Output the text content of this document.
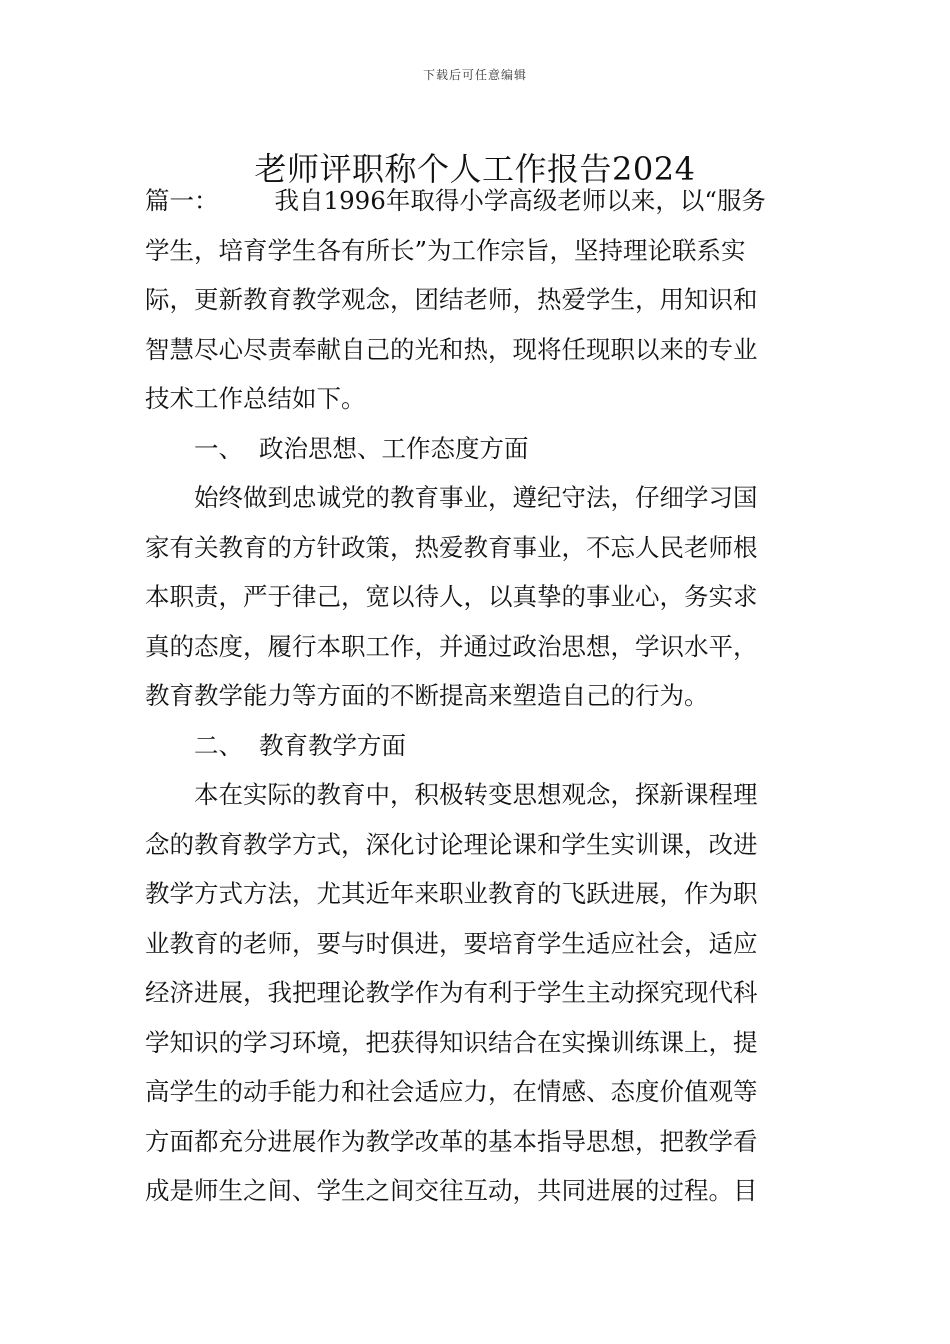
下载后可任意编辑
老师评职称个人工作报告2024
篇一： 我自1996年取得小学高级老师以来，以“服务
学生，培育学生各有所长”为工作宗旨，坚持理论联系实
际，更新教育教学观念，团结老师，热爱学生，用知识和
智慧尽心尽责奉献自己的光和热，现将任现职以来的专业
技术工作总结如下。
一、 政治思想、工作态度方面
始终做到忠诚党的教育事业，遵纪守法，仔细学习国
家有关教育的方针政策，热爱教育事业，不忘人民老师根
本职责，严于律己，宽以待人，以真挚的事业心，务实求
真的态度，履行本职工作，并通过政治思想，学识水平，
教育教学能力等方面的不断提高来塑造自己的行为。
二、 教育教学方面
本在实际的教育中，积极转变思想观念，探新课程理
念的教育教学方式，深化讨论理论课和学生实训课，改进
教学方式方法，尤其近年来职业教育的飞跃进展，作为职
业教育的老师，要与时俱进，要培育学生适应社会，适应
经济进展，我把理论教学作为有利于学生主动探究现代科
学知识的学习环境，把获得知识结合在实操训练课上，提
高学生的动手能力和社会适应力，在情感、态度价值观等
方面都充分进展作为教学改革的基本指导思想，把教学看
成是师生之间、学生之间交往互动，共同进展的过程。目
